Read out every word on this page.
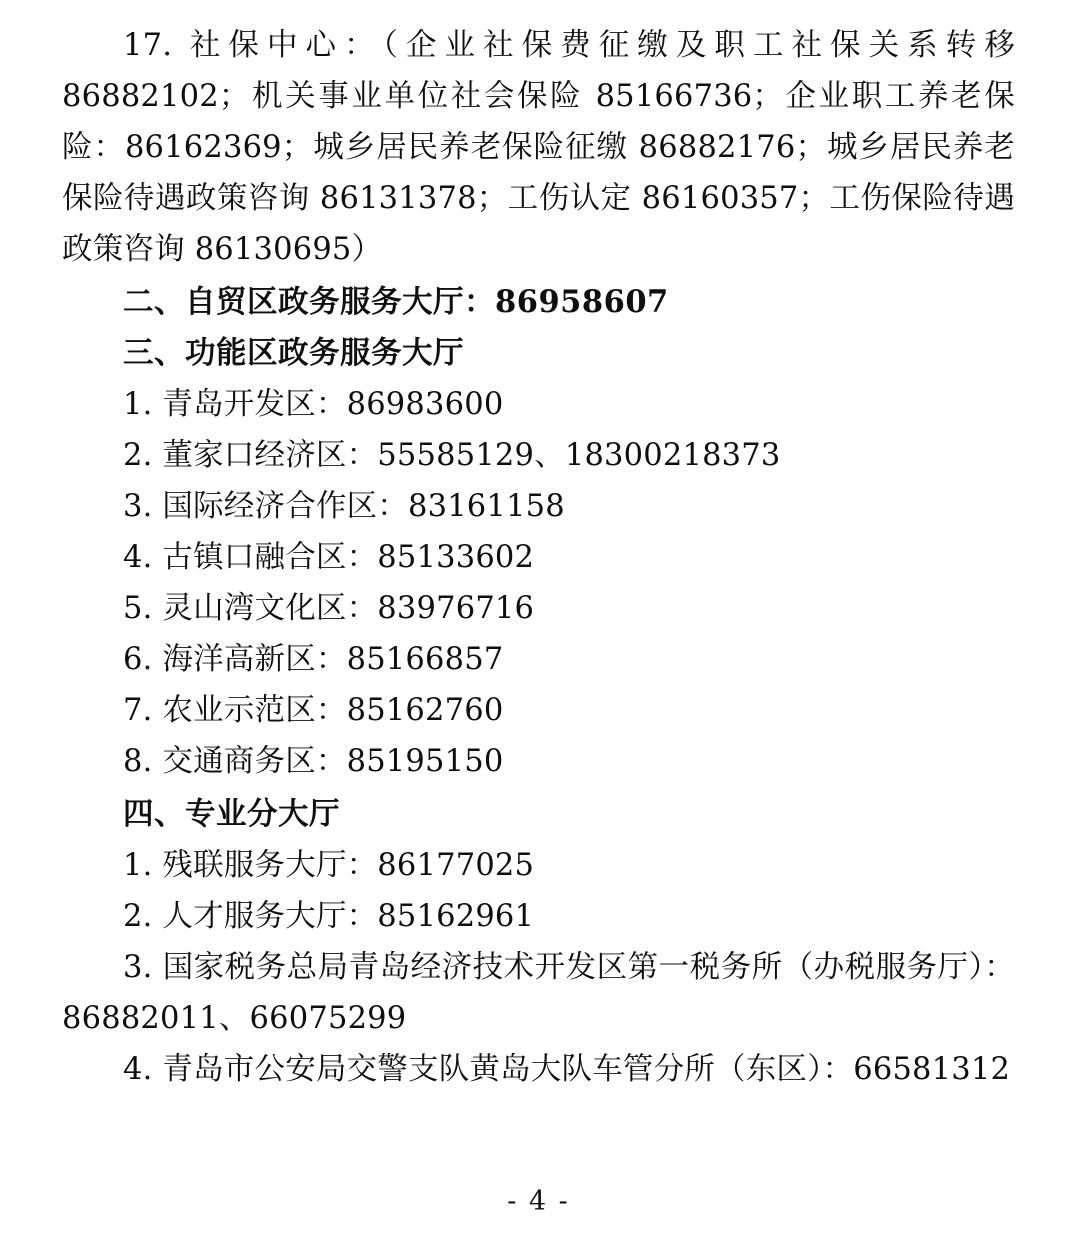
17. 社保中心：（企业社保费征缴及职工社保关系转移 86882102；机关事业单位社会保险 85166736；企业职工养老保险：86162369；城乡居民养老保险征缴 86882176；城乡居民养老保险待遇政策咨询 86131378；工伤认定 86160357；工伤保险待遇政策咨询 86130695）

二、自贸区政务服务大厅：86958607

三、功能区政务服务大厅

1. 青岛开发区：86983600

2. 董家口经济区：55585129、18300218373

3. 国际经济合作区：83161158

4. 古镇口融合区：85133602

5. 灵山湾文化区：83976716

6. 海洋高新区：85166857

7. 农业示范区：85162760

8. 交通商务区：85195150

四、专业分大厅

1. 残联服务大厅：86177025

2. 人才服务大厅：85162961

3. 国家税务总局青岛经济技术开发区第一税务所（办税服务厅）：86882011、66075299

4. 青岛市公安局交警支队黄岛大队车管分所（东区）：66581312

- 4 -
